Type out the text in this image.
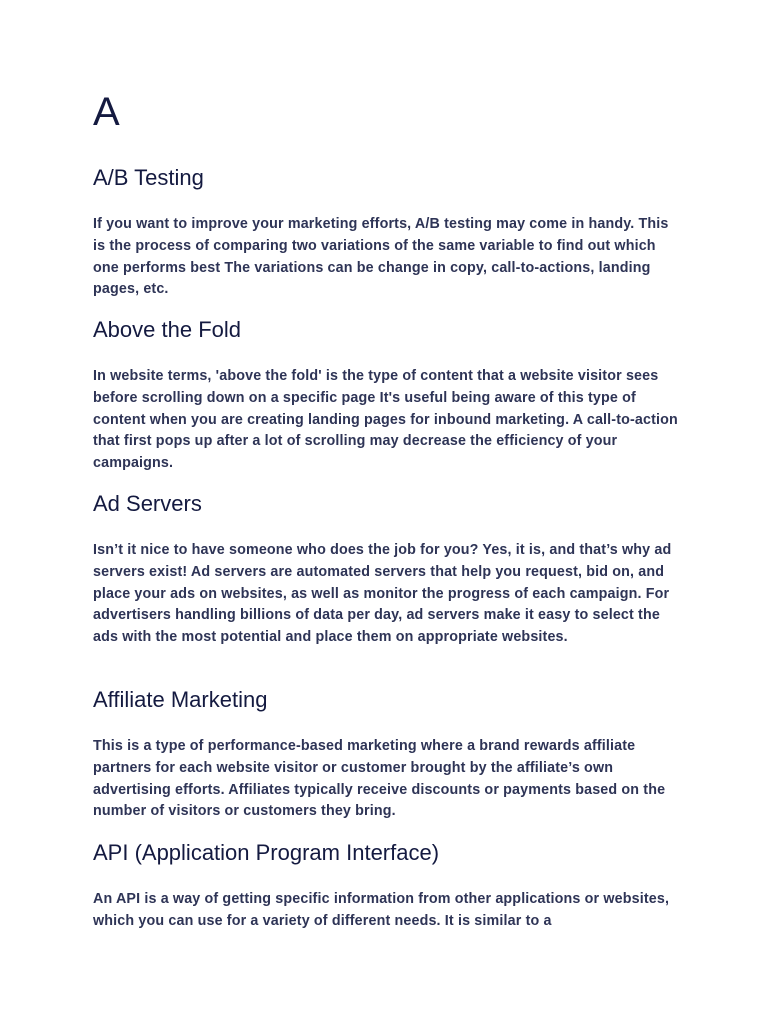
A
A/B Testing

If you want to improve your marketing efforts, A/B testing may come in handy. This is the process of comparing two variations of the same variable to find out which one performs best The variations can be change in copy, call-to-actions, landing pages, etc.

Above the Fold

In website terms, 'above the fold' is the type of content that a website visitor sees before scrolling down on a specific page It's useful being aware of this type of content when you are creating landing pages for inbound marketing. A call-to-action that first pops up after a lot of scrolling may decrease the efficiency of your campaigns.

Ad Servers

Isn’t it nice to have someone who does the job for you? Yes, it is, and that’s why ad servers exist! Ad servers are automated servers that help you request, bid on, and place your ads on websites, as well as monitor the progress of each campaign. For advertisers handling billions of data per day, ad servers make it easy to select the ads with the most potential and place them on appropriate websites.

Affiliate Marketing

This is a type of performance-based marketing where a brand rewards affiliate partners for each website visitor or customer brought by the affiliate’s own advertising efforts. Affiliates typically receive discounts or payments based on the number of visitors or customers they bring.

API (Application Program Interface)

An API is a way of getting specific information from other applications or websites, which you can use for a variety of different needs. It is similar to a
